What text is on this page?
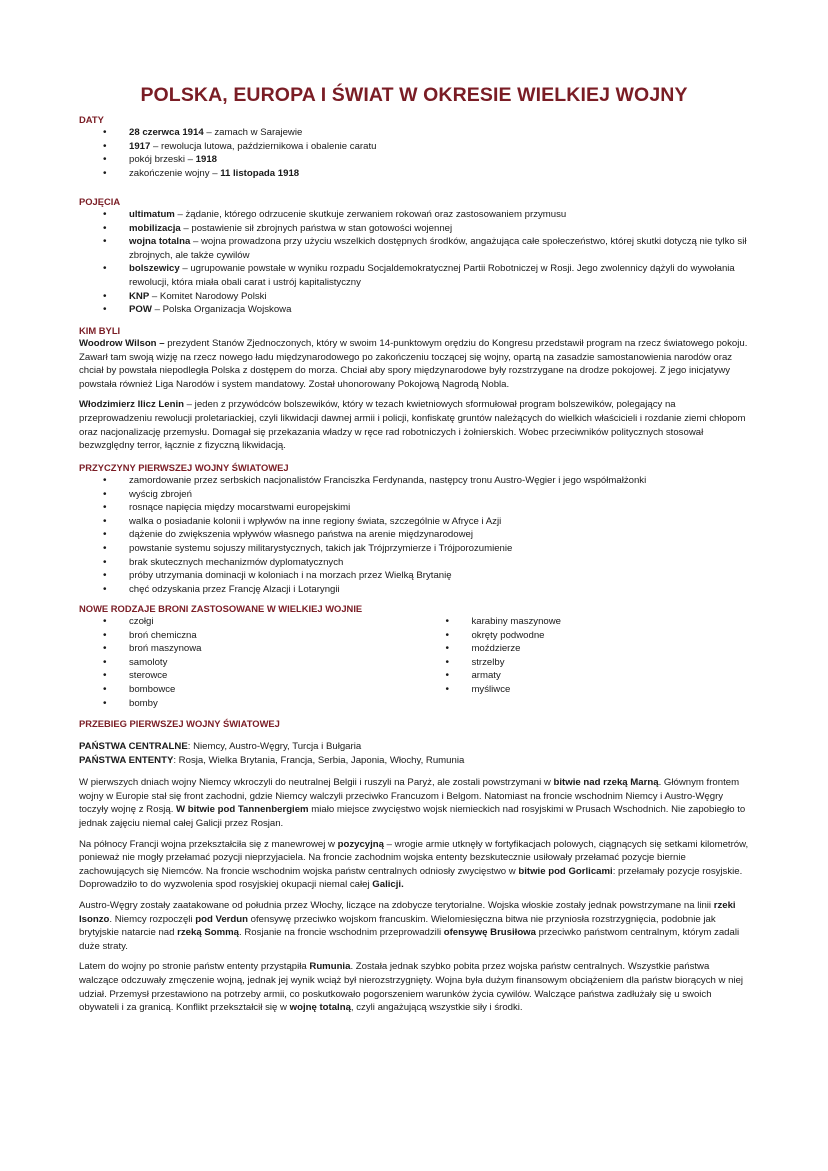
POLSKA, EUROPA I ŚWIAT W OKRESIE WIELKIEJ WOJNY
DATY
• 28 czerwca 1914 – zamach w Sarajewie
• 1917 – rewolucja lutowa, październikowa i obalenie caratu
• pokój brzeski – 1918
• zakończenie wojny – 11 listopada 1918
POJĘCIA
• ultimatum – żądanie, którego odrzucenie skutkuje zerwaniem rokowań oraz zastosowaniem przymusu
• mobilizacja – postawienie sił zbrojnych państwa w stan gotowości wojennej
• wojna totalna – wojna prowadzona przy użyciu wszelkich dostępnych środków, angażująca całe społeczeństwo, której skutki dotyczą nie tylko sił zbrojnych, ale także cywilów
• bolszewicy – ugrupowanie powstałe w wyniku rozpadu Socjaldemokratycznej Partii Robotniczej w Rosji. Jego zwolennicy dążyli do wywołania rewolucji, która miała obali carat i ustrój kapitalistyczny
• KNP – Komitet Narodowy Polski
• POW – Polska Organizacja Wojskowa
KIM BYLI

Woodrow Wilson – prezydent Stanów Zjednoczonych, który w swoim 14-punktowym orędziu do Kongresu przedstawił program na rzecz światowego pokoju. Zawarł tam swoją wizję na rzecz nowego ładu międzynarodowego po zakończeniu toczącej się wojny, opartą na zasadzie samostanowienia narodów oraz chciał by powstała niepodległa Polska z dostępem do morza. Chciał aby spory międzynarodowe były rozstrzygane na drodze pokojowej. Z jego inicjatywy powstała również Liga Narodów i system mandatowy. Został uhonorowany Pokojową Nagrodą Nobla.

Włodzimierz Ilicz Lenin – jeden z przywódców bolszewików, który w tezach kwietniowych sformułował program bolszewików, polegający na przeprowadzeniu rewolucji proletariackiej, czyli likwidacji dawnej armii i policji, konfiskatę gruntów należących do wielkich właścicieli i rozdanie ziemi chłopom oraz nacjonalizację przemysłu. Domagał się przekazania władzy w ręce rad robotniczych i żołnierskich. Wobec przeciwników politycznych stosował bezwzględny terror, łącznie z fizyczną likwidacją.

PRZYCZYNY PIERWSZEJ WOJNY ŚWIATOWEJ
• zamordowanie przez serbskich nacjonalistów Franciszka Ferdynanda, następcy tronu Austro-Węgier i jego współmałżonki
• wyścig zbrojeń
• rosnące napięcia między mocarstwami europejskimi
• walka o posiadanie kolonii i wpływów na inne regiony świata, szczególnie w Afryce i Azji
• dążenie do zwiększenia wpływów własnego państwa na arenie międzynarodowej
• powstanie systemu sojuszy militarystycznych, takich jak Trójprzymierze i Trójporozumienie
• brak skutecznych mechanizmów dyplomatycznych
• próby utrzymania dominacji w koloniach i na morzach przez Wielką Brytanię
• chęć odzyskania przez Francję Alzacji i Lotaryngii
NOWE RODZAJE BRONI ZASTOSOWANE W WIELKIEJ WOJNIE
• czołgi
• broń chemiczna
• broń maszynowa
• samoloty
• sterowce
• bombowce
• bomby
• karabiny maszynowe
• okręty podwodne
• moździerze
• strzelby
• armaty
• myśliwce
PRZEBIEG PIERWSZEJ WOJNY ŚWIATOWEJ

PAŃSTWA CENTRALNE: Niemcy, Austro-Węgry, Turcja i Bułgaria

PAŃSTWA ENTENTY: Rosja, Wielka Brytania, Francja, Serbia, Japonia, Włochy, Rumunia

W pierwszych dniach wojny Niemcy wkroczyli do neutralnej Belgii i ruszyli na Paryż, ale zostali powstrzymani w bitwie nad rzeką Marną. Głównym frontem wojny w Europie stał się front zachodni, gdzie Niemcy walczyli przeciwko Francuzom i Belgom. Natomiast na froncie wschodnim Niemcy i Austro-Węgry toczyły wojnę z Rosją. W bitwie pod Tannenbergiem miało miejsce zwycięstwo wojsk niemieckich nad rosyjskimi w Prusach Wschodnich. Nie zapobiegło to jednak zajęciu niemal całej Galicji przez Rosjan.

Na północy Francji wojna przekształciła się z manewrowej w pozycyjną – wrogie armie utknęły w fortyfikacjach polowych, ciągnących się setkami kilometrów, ponieważ nie mogły przełamać pozycji nieprzyjaciela. Na froncie zachodnim wojska ententy bezskutecznie usiłowały przełamać pozycje biernie zachowujących się Niemców. Na froncie wschodnim wojska państw centralnych odniosły zwycięstwo w bitwie pod Gorlicami: przełamały pozycje rosyjskie. Doprowadziło to do wyzwolenia spod rosyjskiej okupacji niemal całej Galicji.

Austro-Węgry zostały zaatakowane od południa przez Włochy, liczące na zdobycze terytorialne. Wojska włoskie zostały jednak powstrzymane na linii rzeki Isonzo. Niemcy rozpoczęli pod Verdun ofensywę przeciwko wojskom francuskim. Wielomiesięczna bitwa nie przyniosła rozstrzygnięcia, podobnie jak brytyjskie natarcie nad rzeką Sommą. Rosjanie na froncie wschodnim przeprowadzili ofensywę Brusiłowa przeciwko państwom centralnym, którym zadali duże straty.

Latem do wojny po stronie państw ententy przystąpiła Rumunia. Została jednak szybko pobita przez wojska państw centralnych. Wszystkie państwa walczące odczuwały zmęczenie wojną, jednak jej wynik wciąż był nierozstrzygnięty. Wojna była dużym finansowym obciążeniem dla państw biorących w niej udział. Przemysł przestawiono na potrzeby armii, co poskutkowało pogorszeniem warunków życia cywilów. Walczące państwa zadłużały się u swoich obywateli i za granicą. Konflikt przekształcił się w wojnę totalną, czyli angażującą wszystkie siły i środki.
